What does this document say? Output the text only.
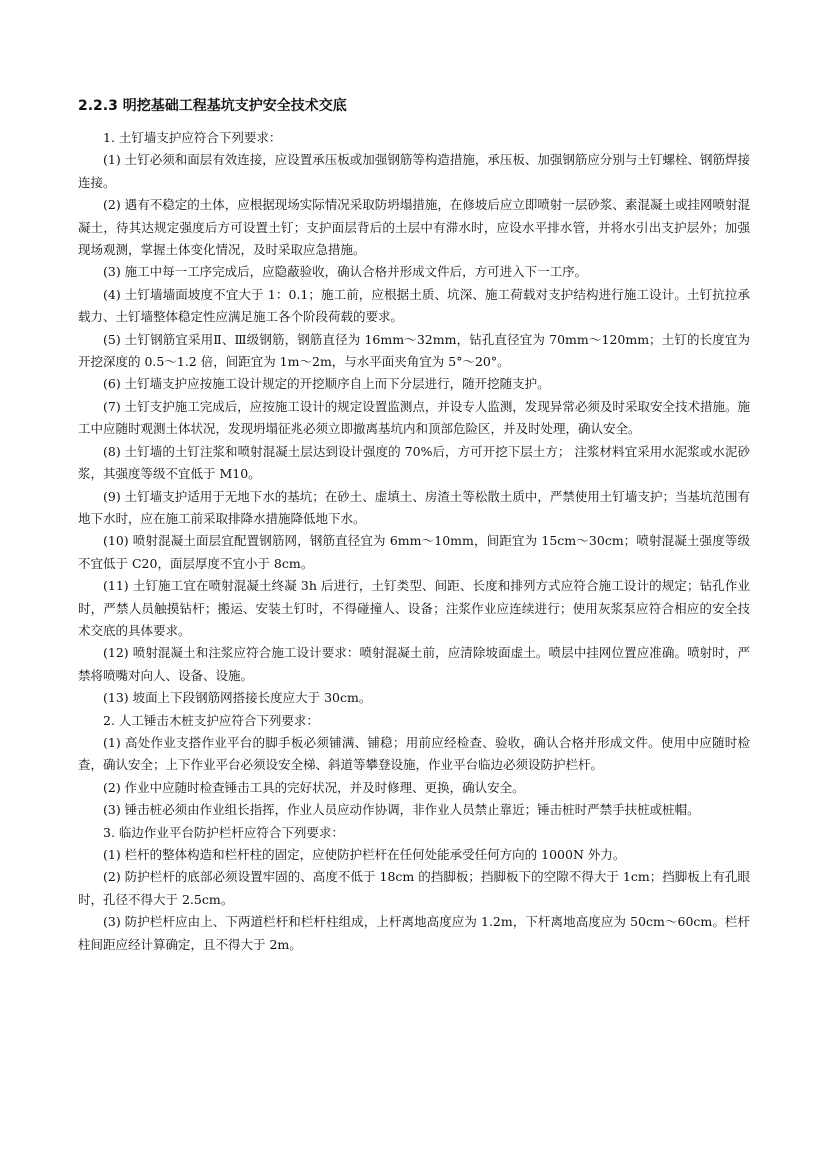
2.2.3 明挖基础工程基坑支护安全技术交底

1. 土钉墙支护应符合下列要求：

(1) 土钉必须和面层有效连接，应设置承压板或加强钢筋等构造措施，承压板、加强钢筋应分别与土钉螺栓、钢筋焊接连接。

(2) 遇有不稳定的土体，应根据现场实际情况采取防坍塌措施，在修坡后应立即喷射一层砂浆、素混凝土或挂网喷射混凝土，待其达规定强度后方可设置土钉；支护面层背后的土层中有滞水时，应设水平排水管，并将水引出支护层外；加强现场观测，掌握土体变化情况，及时采取应急措施。

(3) 施工中每一工序完成后，应隐蔽验收，确认合格并形成文件后，方可进入下一工序。

(4) 土钉墙墙面坡度不宜大于 1：0.1；施工前，应根据土质、坑深、施工荷载对支护结构进行施工设计。土钉抗拉承载力、土钉墙整体稳定性应满足施工各个阶段荷载的要求。

(5) 土钉钢筋宜采用Ⅱ、Ⅲ级钢筋，钢筋直径为 16mm～32mm，钻孔直径宜为 70mm～120mm；土钉的长度宜为开挖深度的 0.5～1.2 倍，间距宜为 1m～2m，与水平面夹角宜为 5°～20°。

(6) 土钉墙支护应按施工设计规定的开挖顺序自上而下分层进行，随开挖随支护。

(7) 土钉支护施工完成后，应按施工设计的规定设置监测点，并设专人监测，发现异常必须及时采取安全技术措施。施工中应随时观测土体状况，发现坍塌征兆必须立即撤离基坑内和顶部危险区，并及时处理，确认安全。

(8) 土钉墙的土钉注浆和喷射混凝土层达到设计强度的 70%后，方可开挖下层土方； 注浆材料宜采用水泥浆或水泥砂浆，其强度等级不宜低于 M10。

(9) 土钉墙支护适用于无地下水的基坑；在砂土、虚填土、房渣土等松散土质中，严禁使用土钉墙支护；当基坑范围有地下水时，应在施工前采取排降水措施降低地下水。

(10) 喷射混凝土面层宜配置钢筋网，钢筋直径宜为 6mm～10mm，间距宜为 15cm～30cm；喷射混凝土强度等级不宜低于 C20，面层厚度不宜小于 8cm。

(11) 土钉施工宜在喷射混凝土终凝 3h 后进行，土钉类型、间距、长度和排列方式应符合施工设计的规定；钻孔作业时，严禁人员触摸钻杆；搬运、安装土钉时，不得碰撞人、设备；注浆作业应连续进行；使用灰浆泵应符合相应的安全技术交底的具体要求。

(12) 喷射混凝土和注浆应符合施工设计要求：喷射混凝土前，应清除坡面虚土。喷层中挂网位置应准确。喷射时，严禁将喷嘴对向人、设备、设施。

(13) 坡面上下段钢筋网搭接长度应大于 30cm。

2. 人工锤击木桩支护应符合下列要求：

(1) 高处作业支搭作业平台的脚手板必须铺满、铺稳；用前应经检查、验收，确认合格并形成文件。使用中应随时检查，确认安全；上下作业平台必须设安全梯、斜道等攀登设施，作业平台临边必须设防护栏杆。

(2) 作业中应随时检查锤击工具的完好状况，并及时修理、更换，确认安全。

(3) 锤击桩必须由作业组长指挥，作业人员应动作协调，非作业人员禁止靠近；锤击桩时严禁手扶桩或桩帽。

3. 临边作业平台防护栏杆应符合下列要求：

(1) 栏杆的整体构造和栏杆柱的固定，应使防护栏杆在任何处能承受任何方向的 1000N 外力。

(2) 防护栏杆的底部必须设置牢固的、高度不低于 18cm 的挡脚板；挡脚板下的空隙不得大于 1cm；挡脚板上有孔眼时，孔径不得大于 2.5cm。

(3) 防护栏杆应由上、下两道栏杆和栏杆柱组成，上杆离地高度应为 1.2m，下杆离地高度应为 50cm～60cm。栏杆柱间距应经计算确定，且不得大于 2m。
